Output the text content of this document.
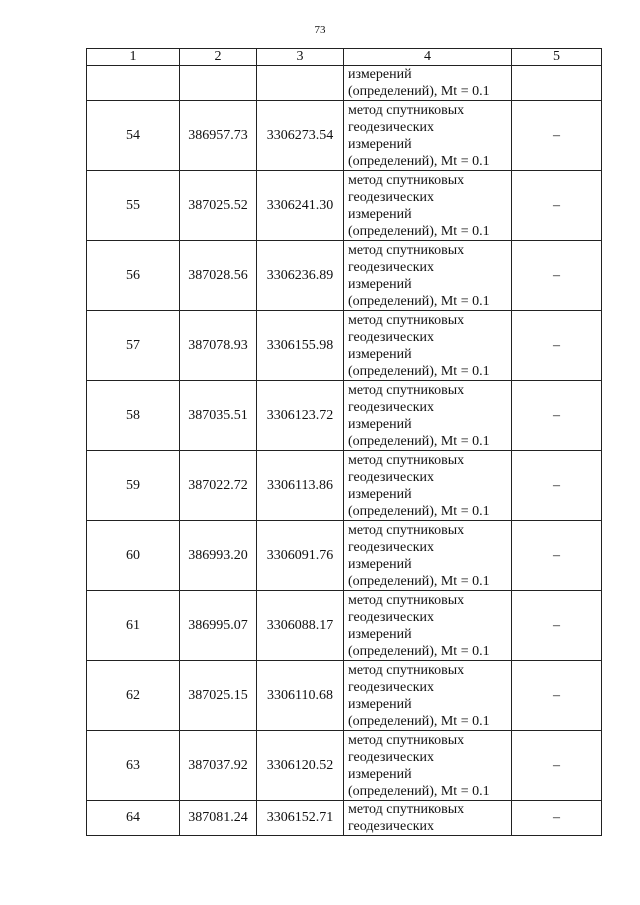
73
1	2	3	4	5

			измерений
(определений), Mt = 0.1	

54	386957.73	3306273.54	метод спутниковых
геодезических
измерений
(определений), Mt = 0.1	–
55	387025.52	3306241.30	метод спутниковых
геодезических
измерений
(определений), Mt = 0.1	–
56	387028.56	3306236.89	метод спутниковых
геодезических
измерений
(определений), Mt = 0.1	–
57	387078.93	3306155.98	метод спутниковых
геодезических
измерений
(определений), Mt = 0.1	–
58	387035.51	3306123.72	метод спутниковых
геодезических
измерений
(определений), Mt = 0.1	–
59	387022.72	3306113.86	метод спутниковых
геодезических
измерений
(определений), Mt = 0.1	–
60	386993.20	3306091.76	метод спутниковых
геодезических
измерений
(определений), Mt = 0.1	–
61	386995.07	3306088.17	метод спутниковых
геодезических
измерений
(определений), Mt = 0.1	–
62	387025.15	3306110.68	метод спутниковых
геодезических
измерений
(определений), Mt = 0.1	–
63	387037.92	3306120.52	метод спутниковых
геодезических
измерений
(определений), Mt = 0.1	–
64	387081.24	3306152.71	метод спутниковых
геодезических	–
